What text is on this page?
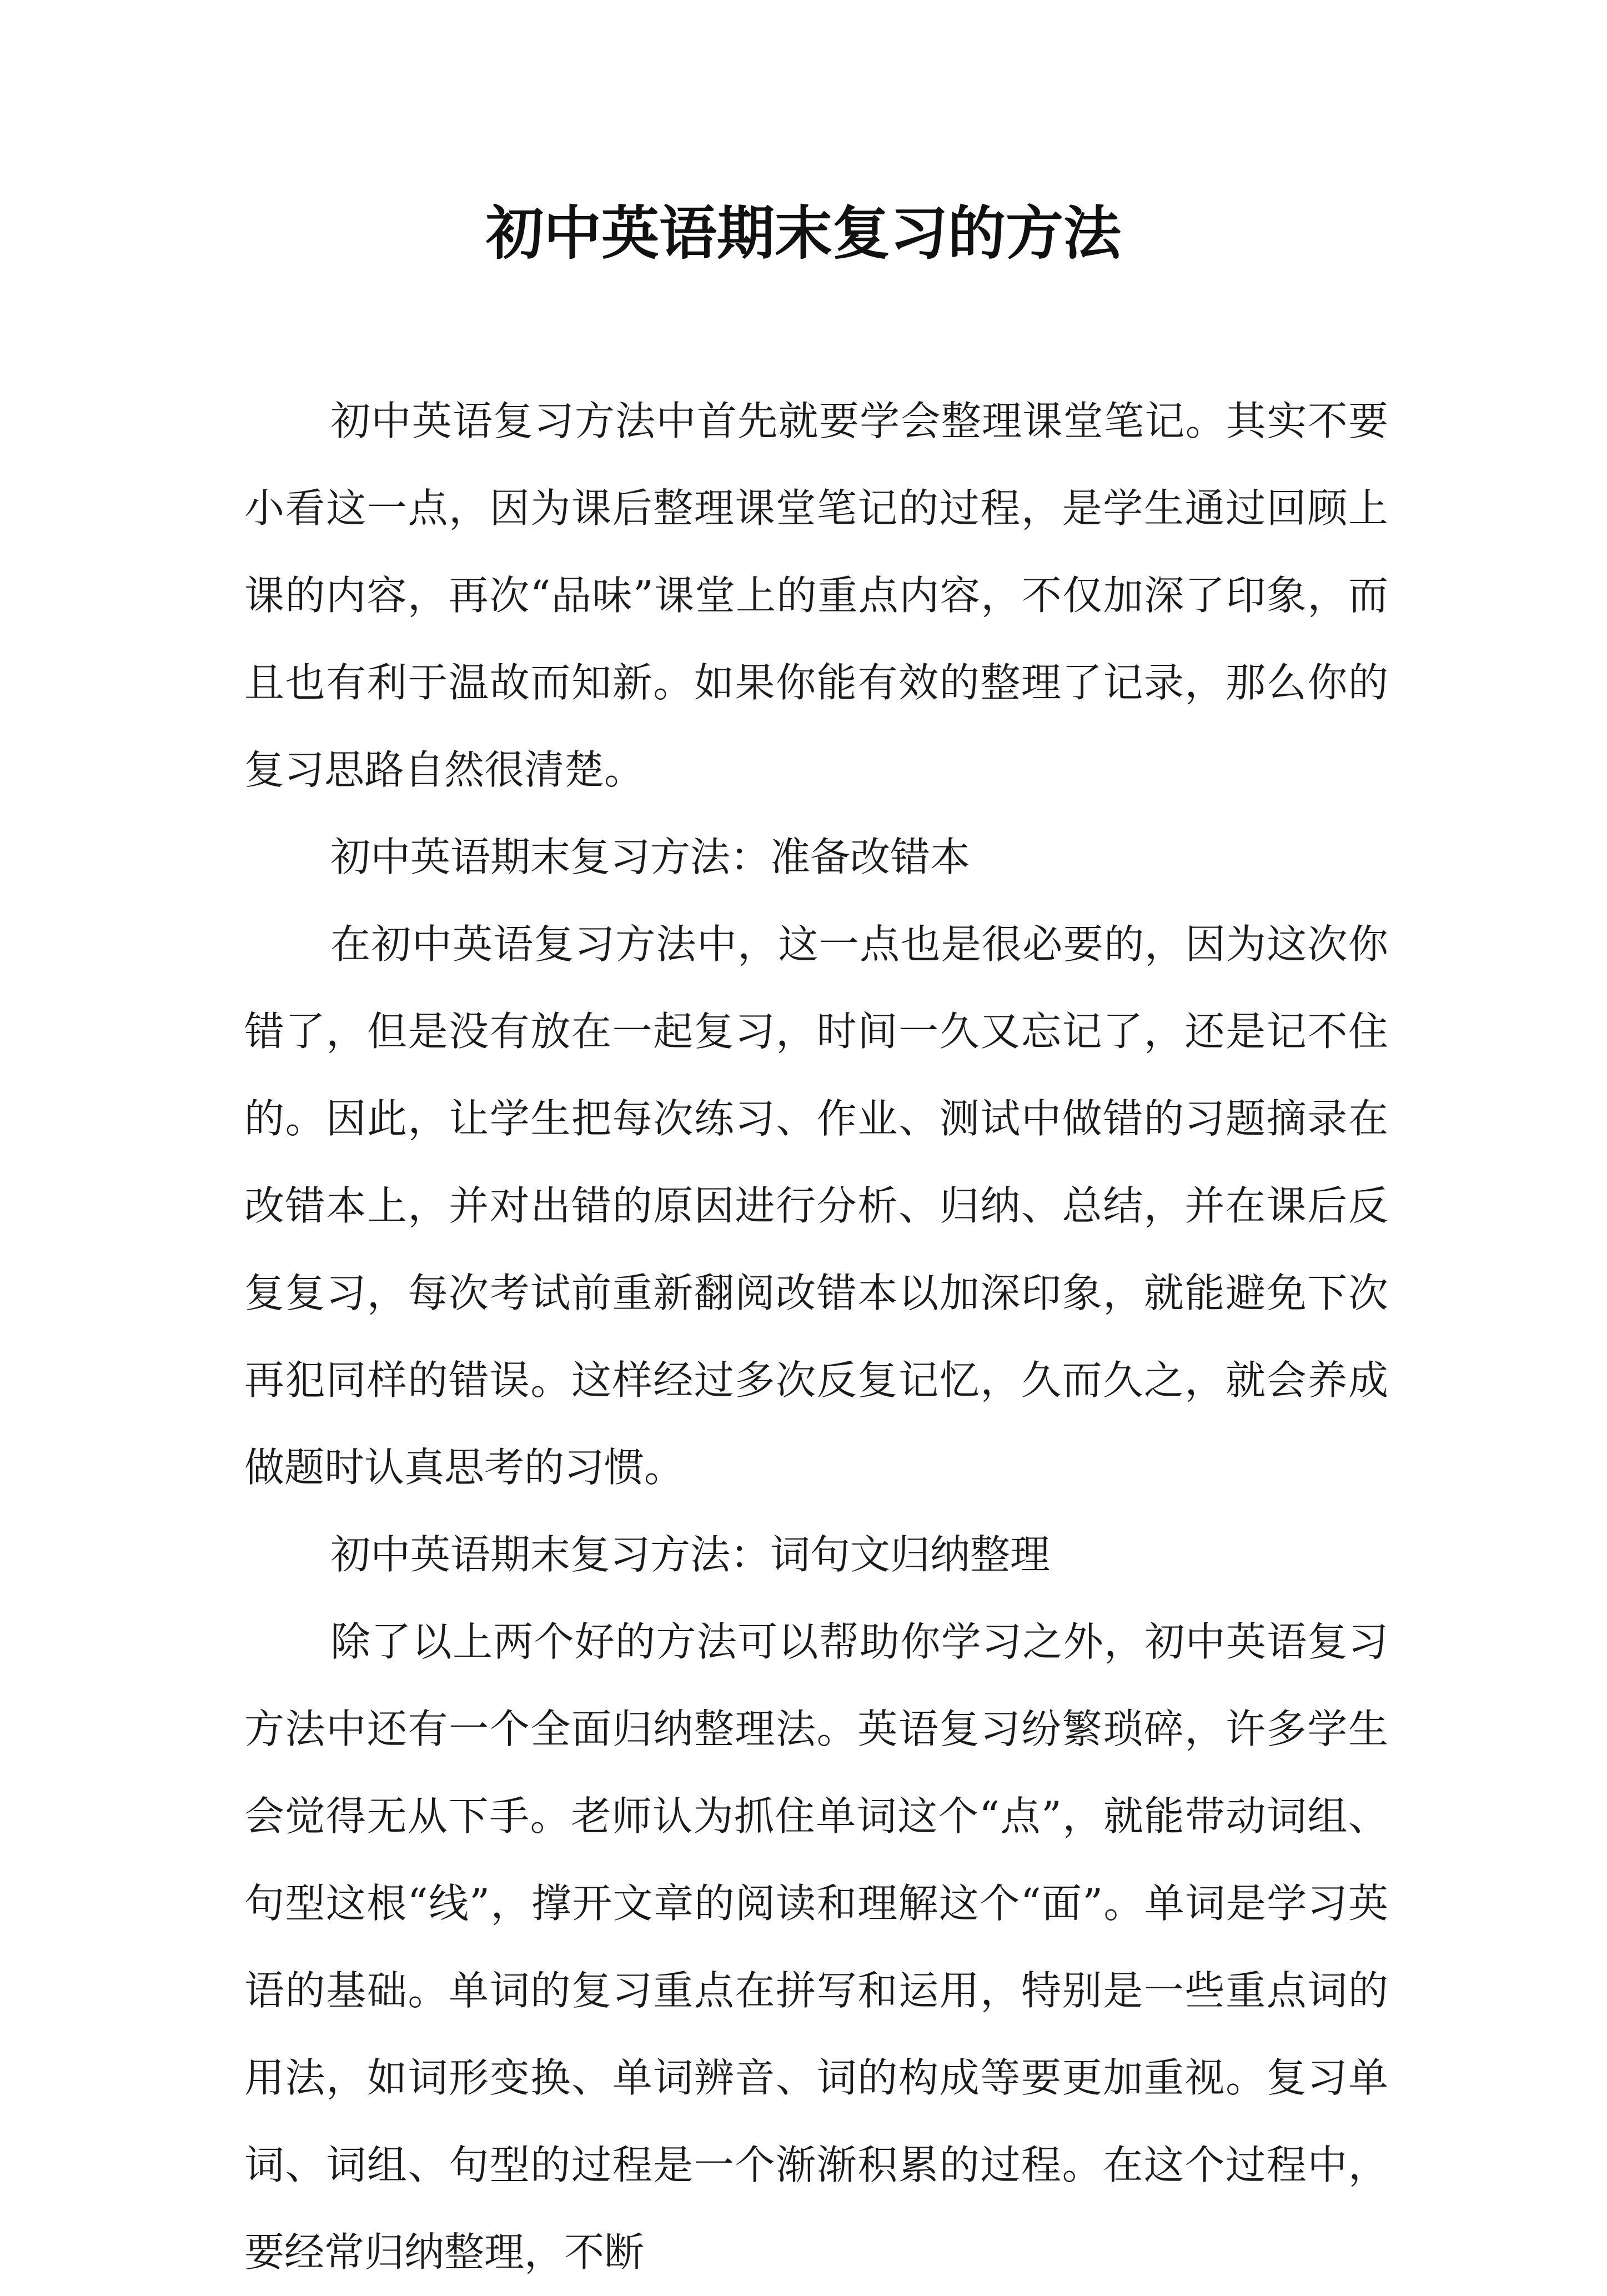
初中英语期末复习的方法

初中英语复习方法中首先就要学会整理课堂笔记。其实不要小看这一点，因为课后整理课堂笔记的过程，是学生通过回顾上课的内容，再次“品味”课堂上的重点内容，不仅加深了印象，而且也有利于温故而知新。如果你能有效的整理了记录，那么你的复习思路自然很清楚。

初中英语期末复习方法：准备改错本

在初中英语复习方法中，这一点也是很必要的，因为这次你错了，但是没有放在一起复习，时间一久又忘记了，还是记不住的。因此，让学生把每次练习、作业、测试中做错的习题摘录在改错本上，并对出错的原因进行分析、归纳、总结，并在课后反复复习，每次考试前重新翻阅改错本以加深印象，就能避免下次再犯同样的错误。这样经过多次反复记忆，久而久之，就会养成做题时认真思考的习惯。

初中英语期末复习方法：词句文归纳整理

除了以上两个好的方法可以帮助你学习之外，初中英语复习方法中还有一个全面归纳整理法。英语复习纷繁琐碎，许多学生会觉得无从下手。老师认为抓住单词这个“点”，就能带动词组、句型这根“线”，撑开文章的阅读和理解这个“面”。单词是学习英语的基础。单词的复习重点在拼写和运用，特别是一些重点词的用法，如词形变换、单词辨音、词的构成等要更加重视。复习单词、词组、句型的过程是一个渐渐积累的过程。在这个过程中，要经常归纳整理，不断
